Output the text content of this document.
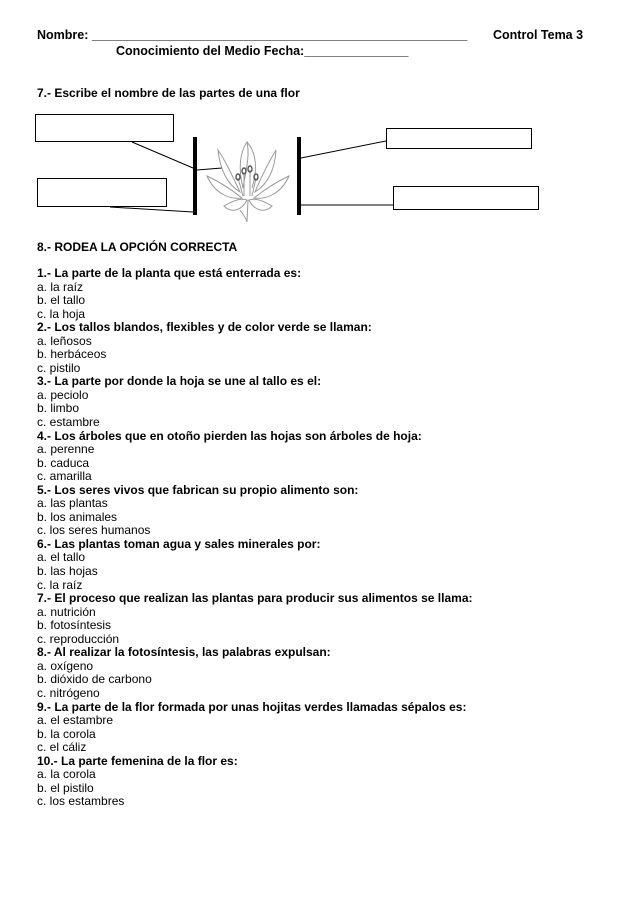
Nombre: ______________________________________________________ Control Tema 3
Conocimiento del Medio Fecha:_______________
7.- Escribe el nombre de las partes de una flor
8.- RODEA LA OPCIÓN CORRECTA
1.- La parte de la planta que está enterrada es:
a. la raíz
b. el tallo
c. la hoja
2.- Los tallos blandos, flexibles y de color verde se llaman:
a. leñosos
b. herbáceos
c. pistilo
3.- La parte por donde la hoja se une al tallo es el:
a. peciolo
b. limbo
c. estambre
4.- Los árboles que en otoño pierden las hojas son árboles de hoja:
a. perenne
b. caduca
c. amarilla
5.- Los seres vivos que fabrican su propio alimento son:
a. las plantas
b. los animales
c. los seres humanos
6.- Las plantas toman agua y sales minerales por:
a. el tallo
b. las hojas
c. la raíz
7.- El proceso que realizan las plantas para producir sus alimentos se llama:
a. nutrición
b. fotosíntesis
c. reproducción
8.- Al realizar la fotosíntesis, las palabras expulsan:
a. oxígeno
b. dióxido de carbono
c. nitrógeno
9.- La parte de la flor formada por unas hojitas verdes llamadas sépalos es:
a. el estambre
b. la corola
c. el cáliz
10.- La parte femenina de la flor es:
a. la corola
b. el pistilo
c. los estambres
